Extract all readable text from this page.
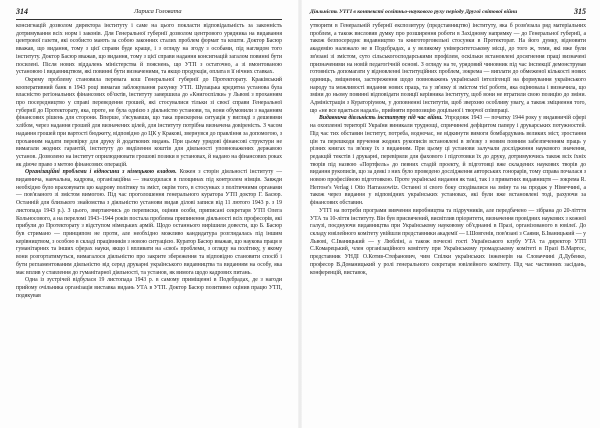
314	Лариса Головата

консигнацій дозволом директора інституту і саме на цього покласти відповідальність за законність дотримування всіх норм і законів. Для Генеральної губернії дозволом центрового урядника на видавання центрової газети, які особисто мають за собою законних сталих проблем формат та кошти. Доктор Басюр вважав, що видання, тому з цієї справи буде краще, і з огляду на згоду з особами, під наглядом того інституту. Доктор Басюр вважав, що видання, тому з цієї справи надання консигнацій загалом повинні бути посилені. Після нових віддалень міністерства й пояснень, що УТП з остаточно, а зі вмонтованою установою і видавництвом, які повинні бути визначеними, та якщо продукція, оплата в її нічних ставках.

Окрему проблему становила перевага кош Генеральної губернії до Протекторату. Краківський кооперативний банк в 1943 році вимагав заблокування рахунку УТП. Шулацька кредитна установа була власністю регіональних фінансових об'єктів, інституту завершила до «Книгоспілки» у Львові з проханням про посередництво у справі переведення грошей, які стосувалися тільки зі своєї справи Генеральної губернії до Протекторату, яка, проте, не була однією з діяльністю установи, та, вони обумовили з наданням фінансових рішень для сторони. Вперше, з'ясувавши, що така прискорена ситуація у вигляді з дешевими хлібом, через надання грошей для визначених цілей, для інституту потрібна визначена довіреність. З часом надання грошей при вартості бюджету, відповідно до ЦК у Кракові, звернувся до правління за допомогою, з проханням надати перевірку для друку й додаткових видань. При цьому урядові фінансові структури не вимагали жодних гарантій, інституту до виділення коштів для діяльності уповноважених державою установ. Дозволено на інститут оприлюднювати грошові позики в установах, й надано на фінансових роках як діюче право з метою фінансових операцій.

Організаційні проблеми і відносини з німецькою владою. Кожен з сторін діяльності інституту — видавнича, навчальна, кадрова, організаційна — знаходилася в площинах під контролем німців. Завжди необхідно було враховувати цю кадрову політику та зміст, окрім того, в стосунках з політичними органами — пов'язаного зі змістом вимогою. Під час проголошення генерального куратора УТП доктор Г. Басюр. Останній для близького знайомства з діяльністю установи видав ділові записи від 11 лютого 1943 р. з 19 листопада 1943 р.). З цього, звертаючись до переписки, оцінив особи, приписані секретаря УТП Олега Кольносового, а на переломі 1943–1944 років постала проблема припинення діяльності всіх професорів, які прибули до Протекторату з відступом німецьких армій. Щодо останнього вирішили довести, що Б. Басюр був стримано — принципом не проти, але необхідно можливо кандидатура розглядалась під іншим керівництвом, з особою в складі працівників з новою ситуацією. Куратор Басюр вважав, що наукова праця в гуманітарних та інших сферах науки, якщо і впливати на «свої» проблеми, з огляду на політику, у якому вони розгортатимуться, вимагалося діяльністю про закрите збереження та відповідно становити спосіб і бути регламентованим діяльністю від серед друкарні українського видавництва та виданням на особу, яка має вплив у ставлення до гуманітарної діяльності, та установ, як вимога щодо кадрових питань.

Одна із зустрічей відбулася 19 листопада 1943 р. в самому приміщенні в Подєбрадах, де з нагоди прийому очільника організація виставка видань УТА в УТП. Доктор Басюр позитивно оцінив працю УТП, подякував

Діяльність УТГІ в контексті освітньо-наукового руху періоду Другої світової війни	315

утворити в Генеральній губернії експозитуру (представництво) інституту, яка б розв'язала ряд матеріальних проблем, а також висловив думку про розширення роботи в Західному напрямку — до Генеральної губернії, а також безпосереднє видавництво та книготорговельні стосунки в Протекторат. На його думку, відновити академію належало не в Подєбрадах, а у великому університетському місці, до того ж, теми, які вже були зв'язані зі змістом, суто сільськогосподарськими профілем, оскільки встановлені досягнення праці визначені призначеними на новій педагогічній основі. З огляду на те, урядовий чиновник під час інспекції демонстрував готовність допомагати у відновленні інституційних проблем, зокрема — виплати до обмеженої кількості нових одиниць, зміцнення, застереження щодо повноважень української інтелігенції на формування українського народу та можливості видання нових праць, та у зв'язку зі змістом тієї роботи, яка оцінювала і визначила, що зміни до ньому повинні відповідати позиції керівника інституту, щоб вони не втратили свою позицію до зміни. Адміністрація з Кураторіумом, у доповненні інститутів, щоб зверхню особливу увагу, а також зміцнення того, що «не все вдається надалі», прийняти пропозицію доцільної і творчої співпраці.

Видавнича діяльність інституту під час війни. Упродовж 1943 — початку 1944 року у видавничій сфері на охопленні території України виникали труднощі, спричинені дефіцитом паперу і друкарських потужностей. Під час тих обставин інститут, потреба, водночас, не відкинути вимоги бомбардувань великих міст, зростання цін та перешкоди вручення жодних рукописів встановлені в зв'язку з новим повним забезпеченням праць у різних книгах та зв'язку їх з виданням. При цьому ці установи залучали дослідження наукового значення, редакцій текстів і друкарні, перевіряли для фахового і підготовки їх до друку, дотримуючись також всіх їхніх творів під назвою «Портфель» до певних стадій проекту, й підготовці вже складених наукових творів до видання рукописів, що за деякі з них було проведено дослідження авторських гонорарів, тому справа почалася з новою професійною підготовкою. Проте українські видання як такі, так і з приватних видавництв — зокрема R. Herrose's Verlag і Otto Harrassowitz. Останні зі свого боку сподівалися на зміну та на продаж у Німеччині, а також через видання у відповідних українських установах, які були вже встановлені тоді, рахуючи за фінансових обставин.

УТГІ на потреби програми вивчення виробництва та підручників, але передбачено — зібрана до 20-літття УТА та 10-ліття інституту. Він був присвячений, висвітлив пріоритети, визначення провідних наукових з кожної галузі, поєднуючи видавництва при Українському науковому об'єднанні в Празі, організованого в ювілеї. До складу ювілейного комітету увійшли представники академії — І.Шовгенів, пов'язані з Саями, Б.Іваницький — у Львові, С.Іваницький — у Любліні, а також почесні гості Українського клубу УТА та директор УТП С.Комарецький, член організаційного комітету при Українському громадському комітеті в Празі В.Мартос, представник УНДІ О.Котив-Стефанович, чим Спілки українських інженерів на Словаччині Д.Дубенко, професор В.Доманицький у ролі генерального секретаря ювілейного комітету. Під час частинних засідань, конференцій, виставок,
